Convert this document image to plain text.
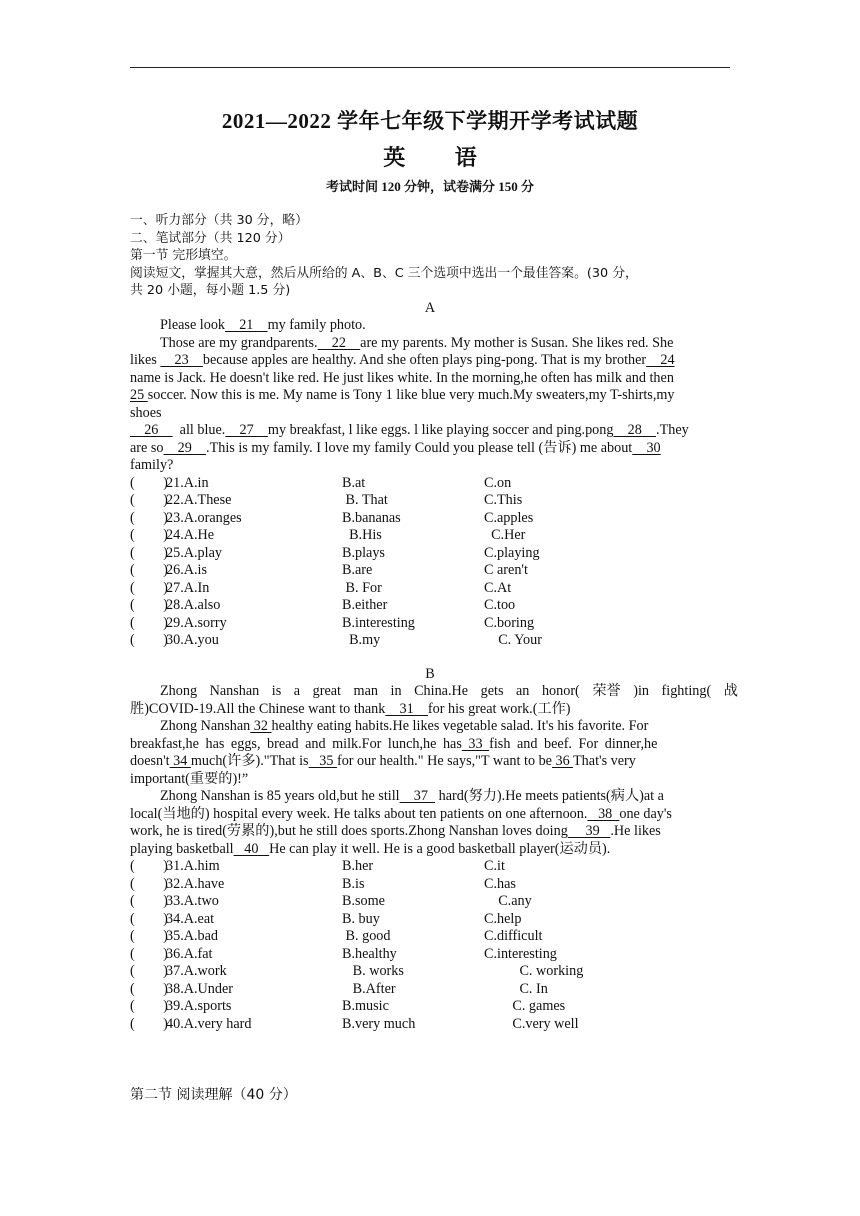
2021—2022 学年七年级下学期开学考试试题
英 语
考试时间 120 分钟，试卷满分 150 分
一、听力部分（共 30 分，略）
二、笔试部分（共 120 分）
第一节 完形填空。
阅读短文，掌握其大意，然后从所给的 A、B、C 三个选项中选出一个最佳答案。(30 分，
共 20 小题，每小题 1.5 分)
A
Please look    21    my family photo.
Those are my grandparents.    22    are my parents. My mother is Susan. She likes red. She
likes     23    because apples are healthy. And she often plays ping-pong. That is my brother    24
name is Jack. He doesn't like red. He just likes white. In the morning,he often has milk and then
25 soccer. Now this is me. My name is Tony 1 like blue very much.My sweaters,my T-shirts,my
shoes
26      all blue.    27    my breakfast, l like eggs. l like playing soccer and ping.pong    28    .They
are so    29    .This is my family. I love my family Could you please tell (告诉) me about    30
family?
(        )
21.A.in	B.at	C.on
(        )
22.A.These	B. That	C.This
(        )
23.A.oranges	B.bananas	C.apples
(        )
24.A.He	B.His	C.Her
(        )
25.A.play	B.plays	C.playing
(        )
26.A.is	B.are	C aren't
(        )
27.A.In	B. For	C.At
(        )
28.A.also	B.either	C.too
(        )
29.A.sorry	B.interesting	C.boring
(        )
30.A.you	B.my	C. Your
B
Zhong Nanshan is a great man in China.He gets an honor( 荣誉 )in fighting( 战
胜)COVID-19.All the Chinese want to thank    31    for his great work.(工作)
Zhong Nanshan 32 healthy eating habits.He likes vegetable salad. It's his favorite. For
breakfast,he has eggs, bread and milk.For lunch,he has 33 fish and beef. For dinner,he
doesn't 34 much(许多)."That is   35 for our health." He says,"T want to be 36 That's very
important(重要的)!”
Zhong Nanshan is 85 years old,but he still    37   hard(努力).He meets patients(病人)at a
local(当地的) hospital every week. He talks about ten patients on one afternoon.   38  one day's
work, he is tired(劳累的),but he still does sports.Zhong Nanshan loves doing     39   .He likes
playing basketball   40   He can play it well. He is a good basketball player(运动员).
(        )
31.A.him	B.her	C.it
(        )
32.A.have	B.is	C.has
(        )
33.A.two	B.some	C.any
(        )
34.A.eat	B. buy	C.help
(        )
35.A.bad	B. good	C.difficult
(        )
36.A.fat	B.healthy	C.interesting
(        )
37.A.work	B. works	C. working
(        )
38.A.Under	B.After	C. In
(        )
39.A.sports	B.music	C. games
(        )
40.A.very hard	B.very much	C.very well
第二节 阅读理解（40 分）
